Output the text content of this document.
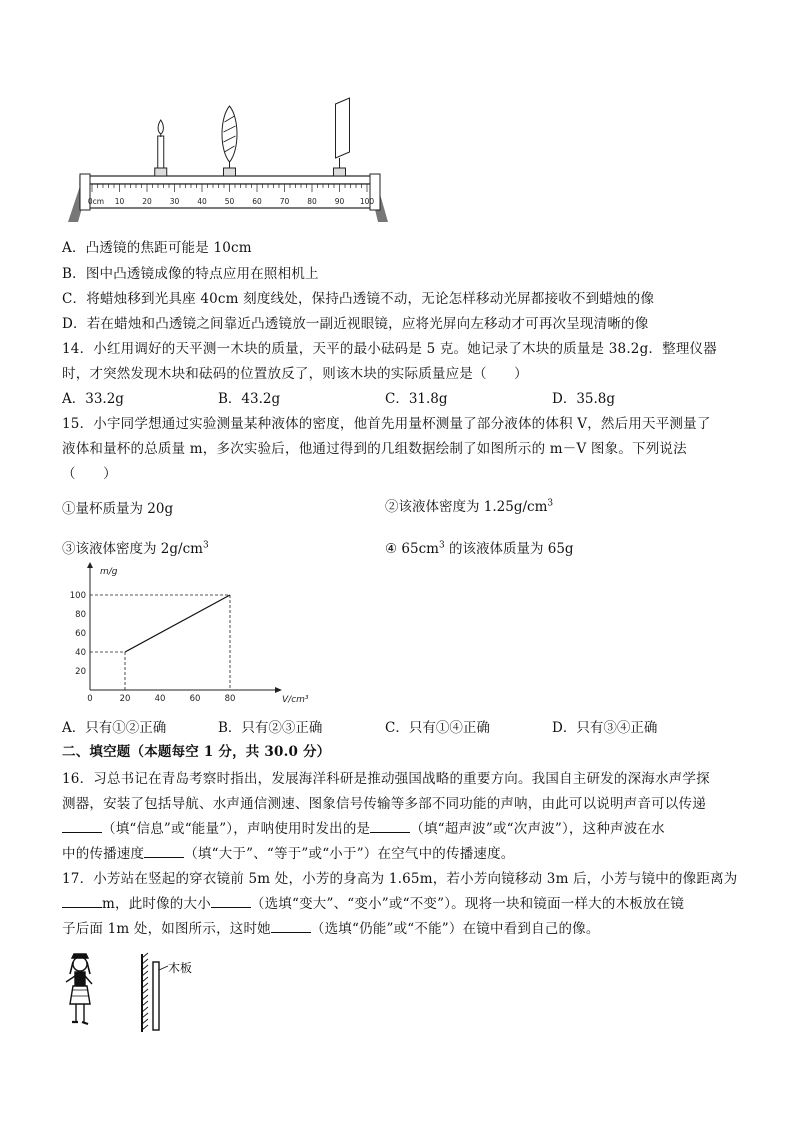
0cm 10 20 30 40 50 60 70 80 90 100
A．凸透镜的焦距可能是 10cm
B．图中凸透镜成像的特点应用在照相机上
C．将蜡烛移到光具座 40cm 刻度线处，保持凸透镜不动，无论怎样移动光屏都接收不到蜡烛的像
D．若在蜡烛和凸透镜之间靠近凸透镜放一副近视眼镜，应将光屏向左移动才可再次呈现清晰的像
14．小红用调好的天平测一木块的质量，天平的最小砝码是 5 克。她记录了木块的质量是 38.2g．整理仪器
时，才突然发现木块和砝码的位置放反了，则该木块的实际质量应是（　　）
A．33.2g	B．43.2g	C．31.8g	D．35.8g
15．小宇同学想通过实验测量某种液体的密度，他首先用量杯测量了部分液体的体积 V，然后用天平测量了
液体和量杯的总质量 m，多次实验后，他通过得到的几组数据绘制了如图所示的 m－V 图象。下列说法
（　　）
①量杯质量为 20g	②该液体密度为 $1.25g/cm^3$
③该液体密度为 $2g/cm^3$	④ $65cm^3$ 的该液体质量为 65g
0	20	40	60	80
20
40
60
80
100
m/g
V/cm³
A．只有①②正确	B．只有②③正确	C．只有①④正确	D．只有③④正确
二、填空题（本题每空 1 分，共 30.0 分）
16．习总书记在青岛考察时指出，发展海洋科研是推动强国战略的重要方向。我国自主研发的深海水声学探
测器，安装了包括导航、水声通信测速、图象信号传输等多部不同功能的声呐，由此可以说明声音可以传递
（填“信息”或“能量”），声呐使用时发出的是	（填“超声波”或“次声波”），这种声波在水
中的传播速度	（填“大于”、“等于”或“小于”）在空气中的传播速度。
17．小芳站在竖起的穿衣镜前 5m 处，小芳的身高为 1.65m，若小芳向镜移动 3m 后，小芳与镜中的像距离为
m，此时像的大小	（选填“变大”、“变小”或“不变”）。现将一块和镜面一样大的木板放在镜
子后面 1m 处，如图所示，这时她	（选填“仍能”或“不能”）在镜中看到自己的像。
木板
